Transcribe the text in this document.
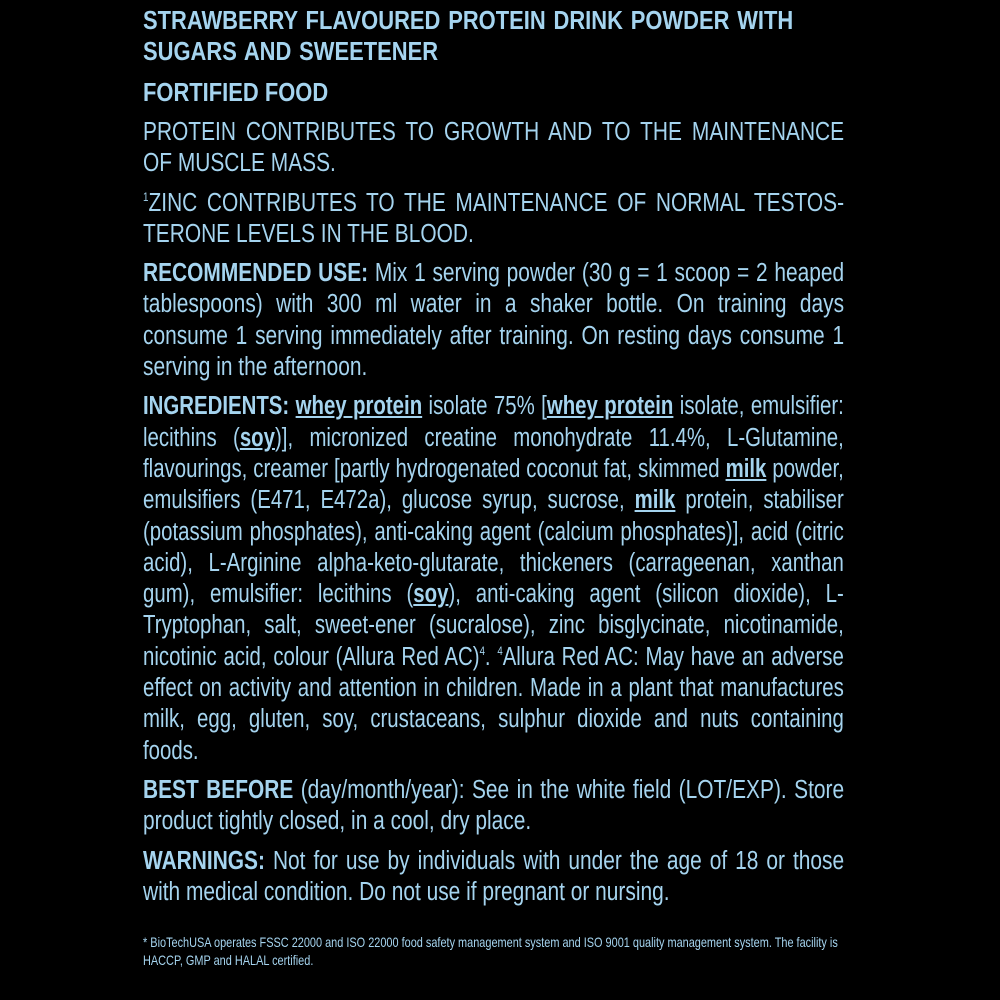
STRAWBERRY FLAVOURED PROTEIN DRINK POWDER WITH SUGARS AND SWEETENER
FORTIFIED FOOD

PROTEIN CONTRIBUTES TO GROWTH AND TO THE MAINTENANCE OF MUSCLE MASS.

$^1$ZINC CONTRIBUTES TO THE MAINTENANCE OF NORMAL TESTOS-TERONE LEVELS IN THE BLOOD.

RECOMMENDED USE: Mix 1 serving powder (30 g = 1 scoop = 2 heaped tablespoons) with 300 ml water in a shaker bottle. On training days consume 1 serving immediately after training. On resting days consume 1 serving in the afternoon.

INGREDIENTS: whey protein isolate 75% [whey protein isolate, emulsifier: lecithins (soy)], micronized creatine monohydrate 11.4%, L-Glutamine, flavourings, creamer [partly hydrogenated coconut fat, skimmed milk powder, emulsifiers (E471, E472a), glucose syrup, sucrose, milk protein, stabiliser (potassium phosphates), anti-caking agent (calcium phosphates)], acid (citric acid), L-Arginine alpha-keto-glutarate, thickeners (carrageenan, xanthan gum), emulsifier: lecithins (soy), anti-caking agent (silicon dioxide), L-Tryptophan, salt, sweet-ener (sucralose), zinc bisglycinate, nicotinamide, nicotinic acid, colour (Allura Red AC)$^4$. $^4$Allura Red AC: May have an adverse effect on activity and attention in children. Made in a plant that manufactures milk, egg, gluten, soy, crustaceans, sulphur dioxide and nuts containing foods.

BEST BEFORE (day/month/year): See in the white field (LOT/EXP). Store product tightly closed, in a cool, dry place.

WARNINGS: Not for use by individuals with under the age of 18 or those with medical condition. Do not use if pregnant or nursing.

* BioTechUSA operates FSSC 22000 and ISO 22000 food safety management system and ISO 9001 quality management system. The facility is HACCP, GMP and HALAL certified.
